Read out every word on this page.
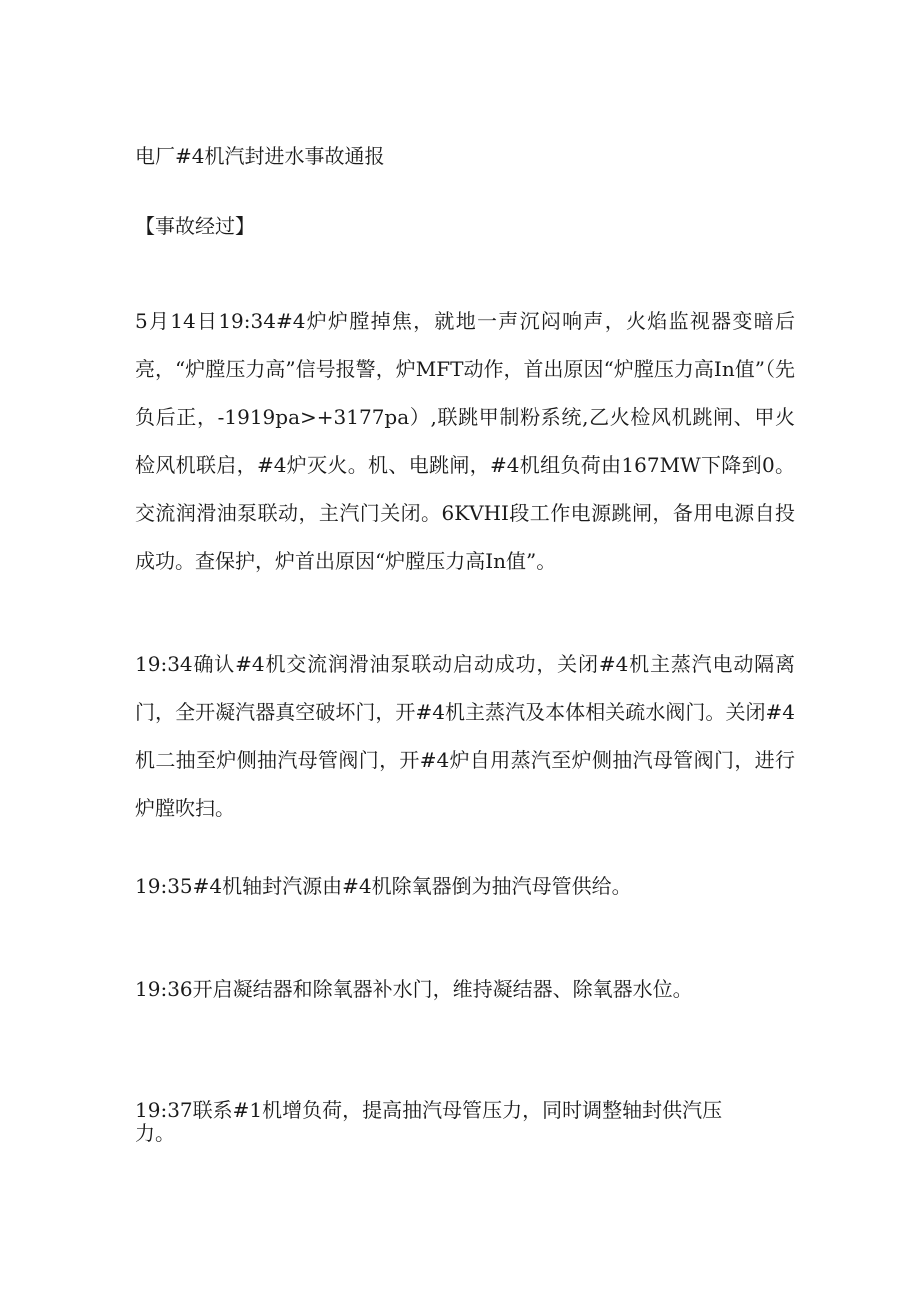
电厂#4机汽封进水事故通报
【事故经过】
5月14日19:34#4炉炉膛掉焦，就地一声沉闷响声，火焰监视器变暗后亮，“炉膛压力高”信号报警，炉MFT动作，首出原因“炉膛压力高In值”（先负后正，-1919pa>+3177pa）,联跳甲制粉系统,乙火检风机跳闸、甲火检风机联启，#4炉灭火。机、电跳闸，#4机组负荷由167MW下降到0。交流润滑油泵联动，主汽门关闭。6KVHI段工作电源跳闸，备用电源自投成功。查保护，炉首出原因“炉膛压力高In值”。
19:34确认#4机交流润滑油泵联动启动成功，关闭#4机主蒸汽电动隔离门，全开凝汽器真空破坏门，开#4机主蒸汽及本体相关疏水阀门。关闭#4机二抽至炉侧抽汽母管阀门，开#4炉自用蒸汽至炉侧抽汽母管阀门，进行炉膛吹扫。
19:35#4机轴封汽源由#4机除氧器倒为抽汽母管供给。
19:36开启凝结器和除氧器补水门，维持凝结器、除氧器水位。
19:37联系#1机增负荷，提高抽汽母管压力，同时调整轴封供汽压
力。
